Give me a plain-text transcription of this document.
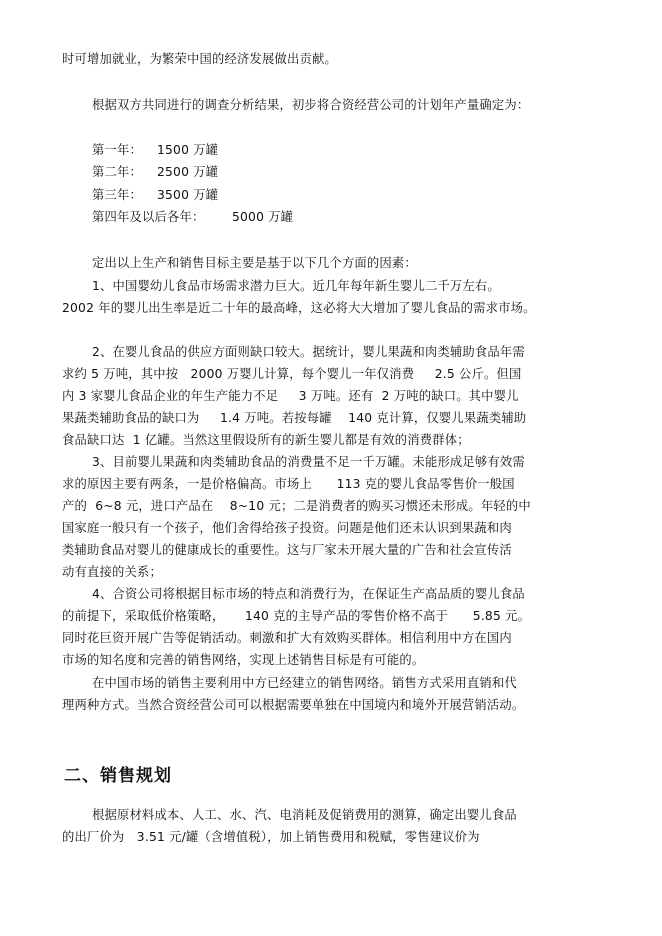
时可增加就业，为繁荣中国的经济发展做出贡献。
根据双方共同进行的调查分析结果，初步将合资经营公司的计划年产量确定为：
第一年： 1500 万罐
第二年： 2500 万罐
第三年： 3500 万罐
第四年及以后各年： 5000 万罐
定出以上生产和销售目标主要是基于以下几个方面的因素：
1、中国婴幼儿食品市场需求潜力巨大。近几年每年新生婴儿二千万左右。
2002 年的婴儿出生率是近二十年的最高峰，这必将大大增加了婴儿食品的需求市场。
2、在婴儿食品的供应方面则缺口较大。据统计，婴儿果蔬和肉类辅助食品年需
求约 5 万吨，其中按   2000 万婴儿计算，每个婴儿一年仅消费     2.5 公斤。但国
内 3 家婴儿食品企业的年生产能力不足     3 万吨。还有  2 万吨的缺口。其中婴儿
果蔬类辅助食品的缺口为     1.4 万吨。若按每罐    140 克计算，仅婴儿果蔬类辅助
食品缺口达  1 亿罐。当然这里假设所有的新生婴儿都是有效的消费群体；
3、目前婴儿果蔬和肉类辅助食品的消费量不足一千万罐。未能形成足够有效需
求的原因主要有两条，一是价格偏高。市场上      113 克的婴儿食品零售价一般国
产的  6~8 元，进口产品在    8~10 元；二是消费者的购买习惯还未形成。年轻的中
国家庭一般只有一个孩子，他们舍得给孩子投资。问题是他们还未认识到果蔬和肉
类辅助食品对婴儿的健康成长的重要性。这与厂家未开展大量的广告和社会宣传活
动有直接的关系；
4、合资公司将根据目标市场的特点和消费行为，在保证生产高品质的婴儿食品
的前提下，采取低价格策略，     140 克的主导产品的零售价格不高于      5.85 元。
同时花巨资开展广告等促销活动。刺激和扩大有效购买群体。相信利用中方在国内
市场的知名度和完善的销售网络，实现上述销售目标是有可能的。
在中国市场的销售主要利用中方已经建立的销售网络。销售方式采用直销和代
理两种方式。当然合资经营公司可以根据需要单独在中国境内和境外开展营销活动。
二、销售规划
根据原材料成本、人工、水、汽、电消耗及促销费用的测算，确定出婴儿食品
的出厂价为   3.51 元/罐（含增值税），加上销售费用和税赋，零售建议价为
